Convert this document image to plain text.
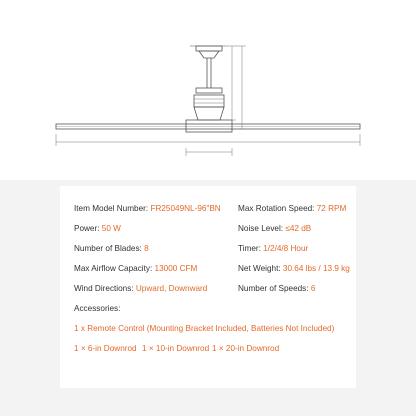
Item Model Number: FR25049NL-96"BN Max Rotation Speed: 72 RPM
Power: 50 W	Noise Level: ≤42 dB
Number of Blades: 8	Timer: 1/2/4/8 Hour
Max Airflow Capacity: 13000 CFM	Net Weight: 30.64 lbs / 13.9 kg
Wind Directions: Upward, Downward	Number of Speeds: 6
Accessories:
1 x Remote Control (Mounting Bracket Included, Batteries Not Included)
1 × 6-in Downrod 1 × 10-in Downrod 1 × 20-in Downrod
